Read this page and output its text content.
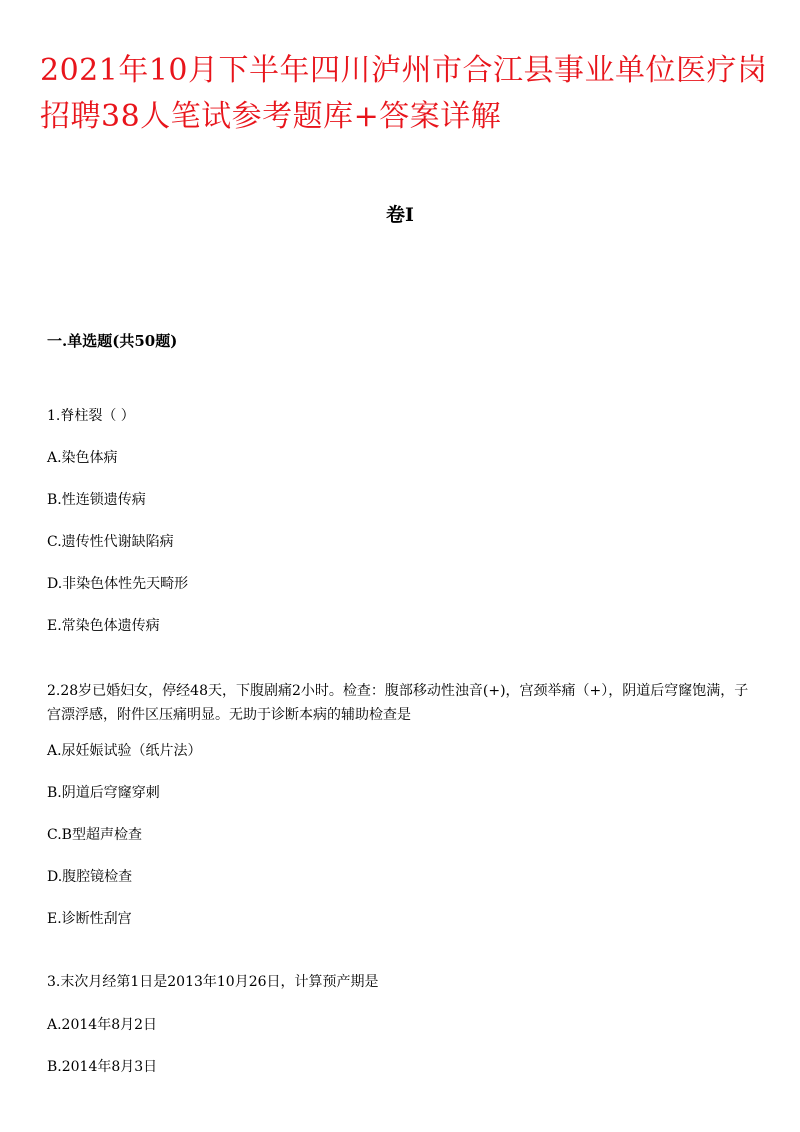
2021年10月下半年四川泸州市合江县事业单位医疗岗招聘38人笔试参考题库+答案详解
卷I
一.单选题(共50题)

1.脊柱裂（ ）

A.染色体病

B.性连锁遗传病

C.遗传性代谢缺陷病

D.非染色体性先天畸形

E.常染色体遗传病

2.28岁已婚妇女，停经48天，下腹剧痛2小时。检查：腹部移动性浊音(+)，宫颈举痛（+），阴道后穹窿饱满，子宫漂浮感，附件区压痛明显。无助于诊断本病的辅助检查是

A.尿妊娠试验（纸片法）

B.阴道后穹窿穿刺

C.B型超声检查

D.腹腔镜检查

E.诊断性刮宫

3.末次月经第1日是2013年10月26日，计算预产期是

A.2014年8月2日

B.2014年8月3日
